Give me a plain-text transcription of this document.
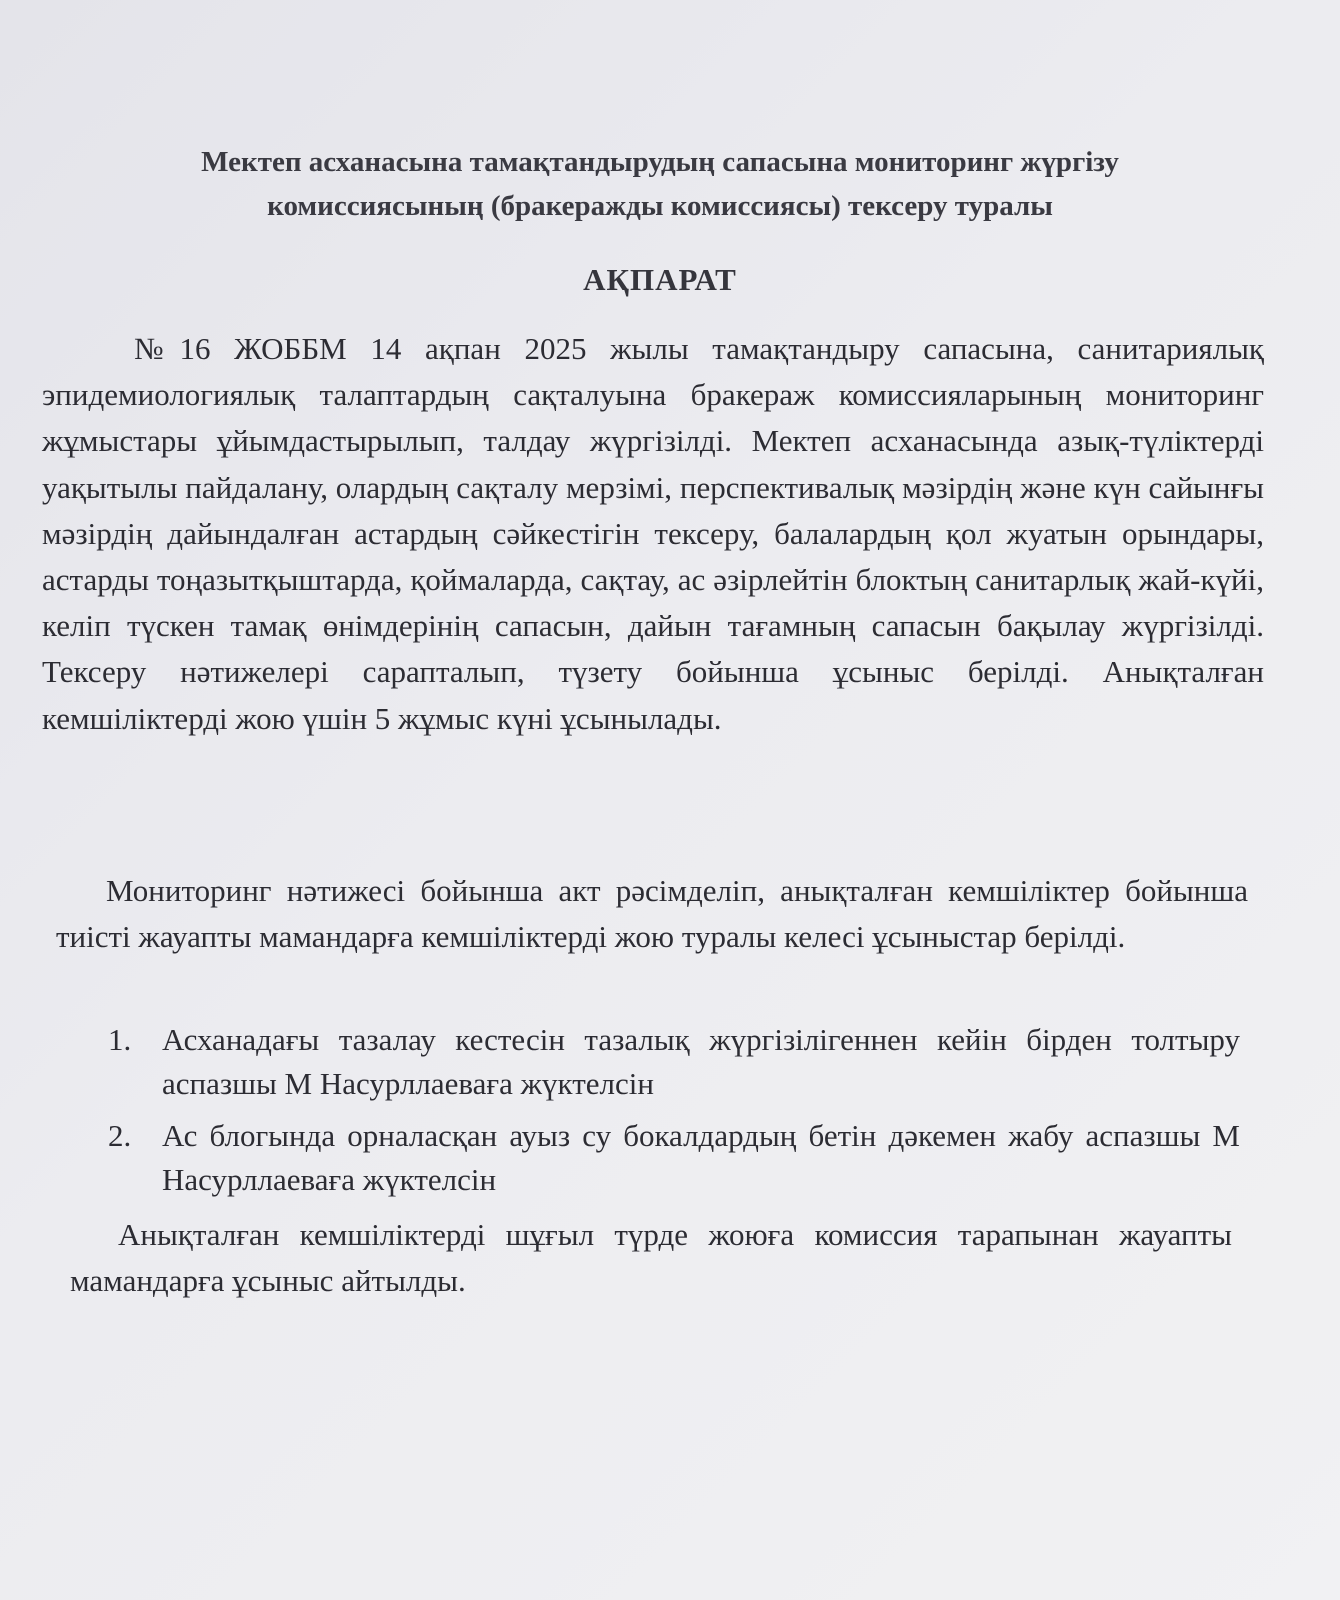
Мектеп асханасына тамақтандырудың сапасына мониторинг жүргізу комиссиясының (бракеражды комиссиясы) тексеру туралы
АҚПАРАТ

№16 ЖОББМ 14 ақпан 2025 жылы тамақтандыру сапасына, санитариялық эпидемиологиялық талаптардың сақталуына бракераж комиссияларының мониторинг жұмыстары ұйымдастырылып, талдау жүргізілді. Мектеп асханасында азық-түліктерді уақытылы пайдалану, олардың сақталу мерзімі, перспективалық мәзірдің және күн сайынғы мәзірдің дайындалған астардың сәйкестігін тексеру, балалардың қол жуатын орындары, астарды тоңазытқыштарда, қоймаларда, сақтау, ас әзірлейтін блоктың санитарлық жай-күйі, келіп түскен тамақ өнімдерінің сапасын, дайын тағамның сапасын бақылау жүргізілді. Тексеру нәтижелері сарапталып, түзету бойынша ұсыныс берілді. Анықталған кемшіліктерді жою үшін 5 жұмыс күні ұсынылады.

Мониторинг нәтижесі бойынша акт рәсімделіп, анықталған кемшіліктер бойынша тиісті жауапты мамандарға кемшіліктерді жою туралы келесі ұсыныстар берілді.

1. Асханадағы тазалау кестесін тазалық жүргізілігеннен кейін бірден толтыру аспазшы М Насурллаеваға жүктелсін
2. Ас блогында орналасқан ауыз су бокалдардың бетін дәкемен жабу аспазшы М Насурллаеваға жүктелсін

Анықталған кемшіліктерді шұғыл түрде жоюға комиссия тарапынан жауапты мамандарға ұсыныс айтылды.
